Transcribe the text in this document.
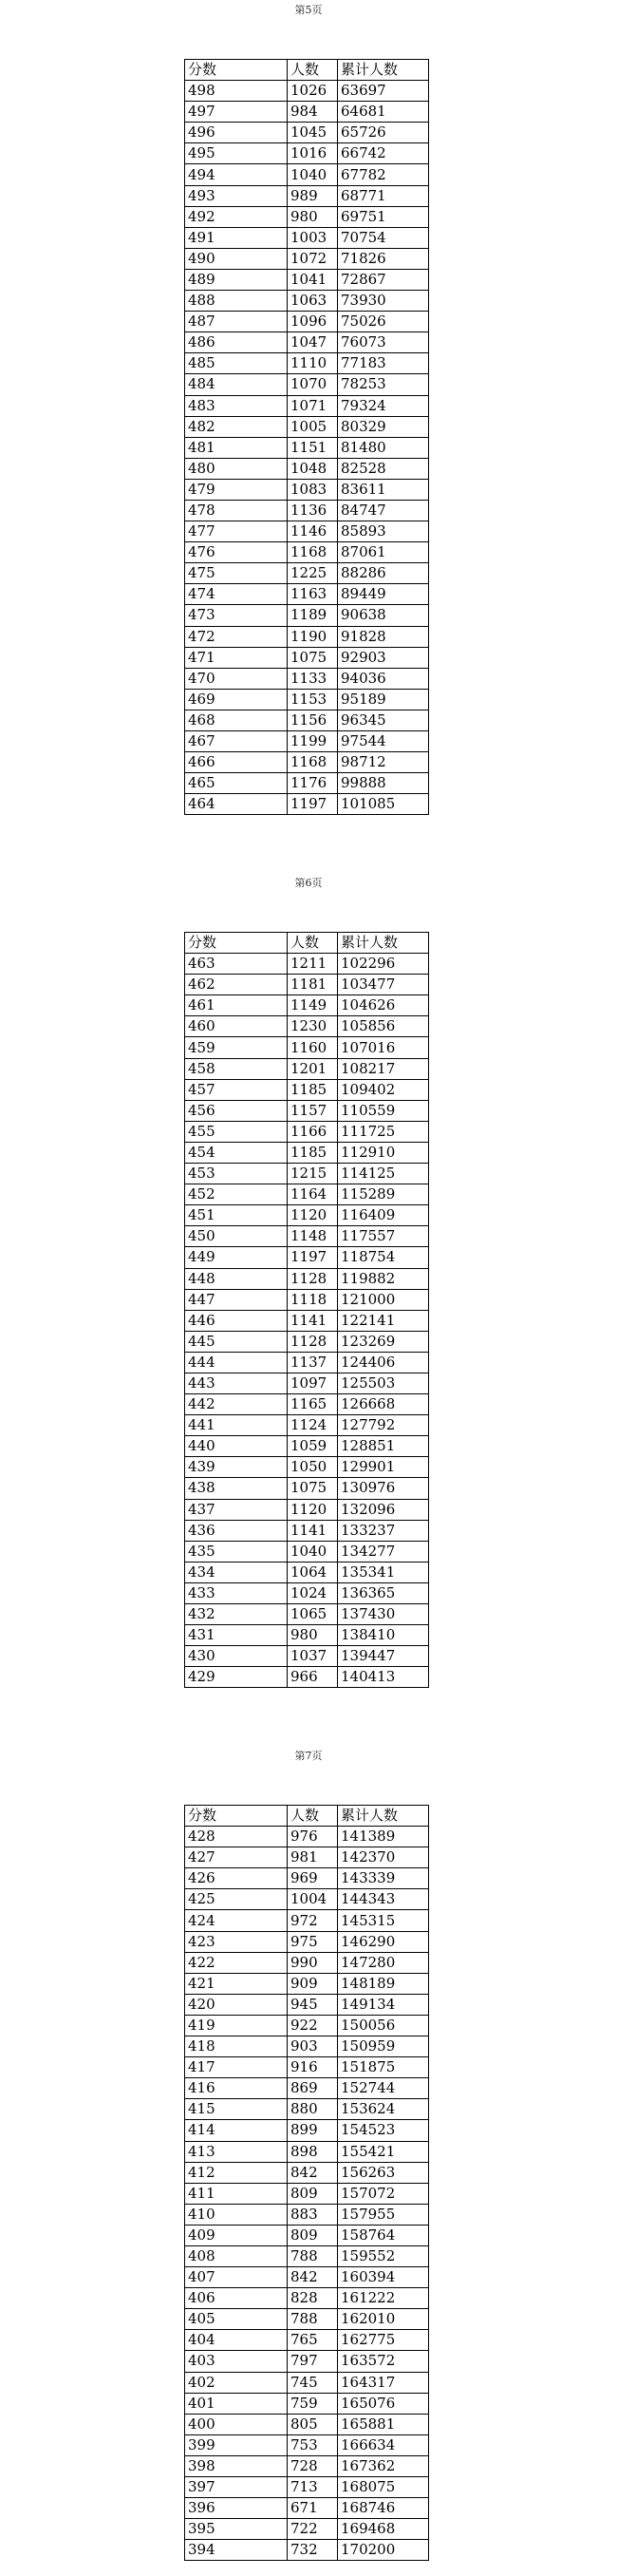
第5页
分数	人数	累计人数
498	1026	63697
497	984	64681
496	1045	65726
495	1016	66742
494	1040	67782
493	989	68771
492	980	69751
491	1003	70754
490	1072	71826
489	1041	72867
488	1063	73930
487	1096	75026
486	1047	76073
485	1110	77183
484	1070	78253
483	1071	79324
482	1005	80329
481	1151	81480
480	1048	82528
479	1083	83611
478	1136	84747
477	1146	85893
476	1168	87061
475	1225	88286
474	1163	89449
473	1189	90638
472	1190	91828
471	1075	92903
470	1133	94036
469	1153	95189
468	1156	96345
467	1199	97544
466	1168	98712
465	1176	99888
464	1197	101085
第6页
分数	人数	累计人数
463	1211	102296
462	1181	103477
461	1149	104626
460	1230	105856
459	1160	107016
458	1201	108217
457	1185	109402
456	1157	110559
455	1166	111725
454	1185	112910
453	1215	114125
452	1164	115289
451	1120	116409
450	1148	117557
449	1197	118754
448	1128	119882
447	1118	121000
446	1141	122141
445	1128	123269
444	1137	124406
443	1097	125503
442	1165	126668
441	1124	127792
440	1059	128851
439	1050	129901
438	1075	130976
437	1120	132096
436	1141	133237
435	1040	134277
434	1064	135341
433	1024	136365
432	1065	137430
431	980	138410
430	1037	139447
429	966	140413
第7页
分数	人数	累计人数
428	976	141389
427	981	142370
426	969	143339
425	1004	144343
424	972	145315
423	975	146290
422	990	147280
421	909	148189
420	945	149134
419	922	150056
418	903	150959
417	916	151875
416	869	152744
415	880	153624
414	899	154523
413	898	155421
412	842	156263
411	809	157072
410	883	157955
409	809	158764
408	788	159552
407	842	160394
406	828	161222
405	788	162010
404	765	162775
403	797	163572
402	745	164317
401	759	165076
400	805	165881
399	753	166634
398	728	167362
397	713	168075
396	671	168746
395	722	169468
394	732	170200
